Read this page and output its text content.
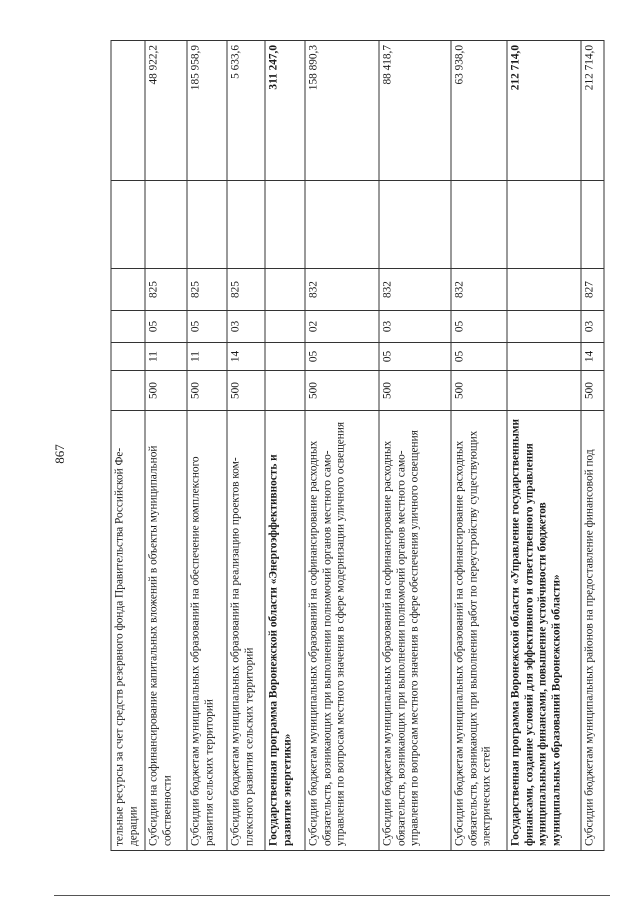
867	тельные ресурсы за счет средств резервного фонда Правительства Российской Федерации						
Субсидии на софинансирование капитальных вложений в объекты муниципальной собственности	500	11	05	825		48 922,2
Субсидии бюджетам муниципальных образований на обеспечение комплексного развития сельских территорий	500	11	05	825		185 958,9
Субсидии бюджетам муниципальных образований на реализацию проектов комплексного развития сельских территорий	500	14	03	825		5 633,6
Государственная программа Воронежской области «Энергоэффективность и развитие энергетики»						311 247,0
Субсидии бюджетам муниципальных образований на софинансирование расходных обязательств, возникающих при выполнении полномочий органов местного самоуправления по вопросам местного значения в сфере модернизации уличного освещения	500	05	02	832		158 890,3
Субсидии бюджетам муниципальных образований на софинансирование расходных обязательств, возникающих при выполнении полномочий органов местного самоуправления по вопросам местного значения в сфере обеспечения уличного освещения	500	05	03	832		88 418,7
Субсидии бюджетам муниципальных образований на софинансирование расходных обязательств, возникающих при выполнении работ по переустройству существующих электрических сетей	500	05	05	832		63 938,0
Государственная программа Воронежской области «Управление государственными финансами, создание условий для эффективного и ответственного управления муниципальными финансами, повышение устойчивости бюджетов муниципальных образований Воронежской области»						212 714,0
Субсидии бюджетам муниципальных районов на предоставление финансовой под	500	14	03	827		212 714,0
